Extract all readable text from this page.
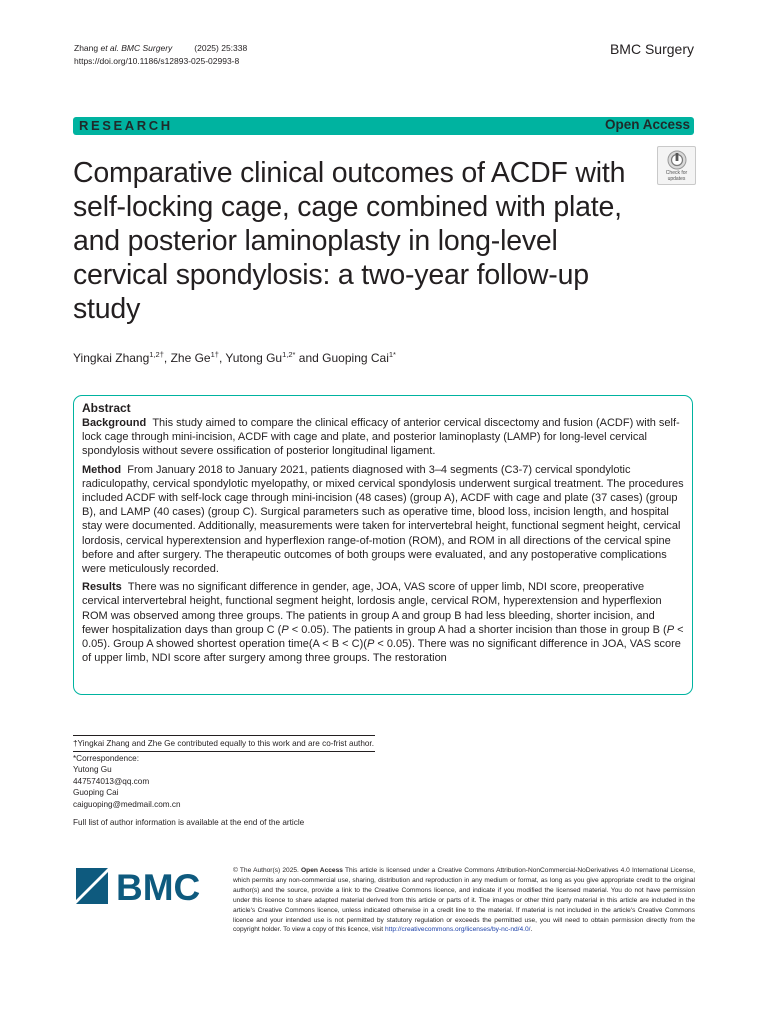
Zhang et al. BMC Surgery	(2025) 25:338
https://doi.org/10.1186/s12893-025-02993-8
BMC Surgery
RESEARCH	Open Access
Check for
updates
Comparative clinical outcomes of ACDF with self-locking cage, cage combined with plate, and posterior laminoplasty in long-level cervical spondylosis: a two-year follow-up study
Yingkai Zhang$^{1,2\dagger}$, Zhe $Ge^{1\dagger}$, Yutong $Gu^{1,2*}$ and Guoping Cai$^{1*}$
Abstract

Background This study aimed to compare the clinical efficacy of anterior cervical discectomy and fusion (ACDF) with self-lock cage through mini-incision, ACDF with cage and plate, and posterior laminoplasty (LAMP) for long-level cervical spondylosis without severe ossification of posterior longitudinal ligament.

Method From January 2018 to January 2021, patients diagnosed with 3–4 segments (C3-7) cervical spondylotic radiculopathy, cervical spondylotic myelopathy, or mixed cervical spondylosis underwent surgical treatment. The procedures included ACDF with self-lock cage through mini-incision (48 cases) (group A), ACDF with cage and plate (37 cases) (group B), and LAMP (40 cases) (group C). Surgical parameters such as operative time, blood loss, incision length, and hospital stay were documented. Additionally, measurements were taken for intervertebral height, functional segment height, cervical lordosis, cervical hyperextension and hyperflexion range-of-motion (ROM), and ROM in all directions of the cervical spine before and after surgery. The therapeutic outcomes of both groups were evaluated, and any postoperative complications were meticulously recorded.

Results There was no significant difference in gender, age, JOA, VAS score of upper limb, NDI score, preoperative cervical intervertebral height, functional segment height, lordosis angle, cervical ROM, hyperextension and hyperflexion ROM was observed among three groups. The patients in group A and group B had less bleeding, shorter incision, and fewer hospitalization days than group C (P < 0.05). The patients in group A had a shorter incision than those in group B (P < 0.05). Group A showed shortest operation time(A < B < C)(P < 0.05). There was no significant difference in JOA, VAS score of upper limb, NDI score after surgery among three groups. The restoration

†Yingkai Zhang and Zhe Ge contributed equally to this work and are co-frist author.
*Correspondence:
Yutong Gu
447574013@qq.com
Guoping Cai
caiguoping@medmail.com.cn
Full list of author information is available at the end of the article
BMC	© The Author(s) 2025. Open Access This article is licensed under a Creative Commons Attribution-NonCommercial-NoDerivatives 4.0 International License, which permits any non-commercial use, sharing, distribution and reproduction in any medium or format, as long as you give appropriate credit to the original author(s) and the source, provide a link to the Creative Commons licence, and indicate if you modified the licensed material. You do not have permission under this licence to share adapted material derived from this article or parts of it. The images or other third party material in this article are included in the article's Creative Commons licence, unless indicated otherwise in a credit line to the material. If material is not included in the article's Creative Commons licence and your intended use is not permitted by statutory regulation or exceeds the permitted use, you will need to obtain permission directly from the copyright holder. To view a copy of this licence, visit http://creativecommons.org/licenses/by-nc-nd/4.0/.
